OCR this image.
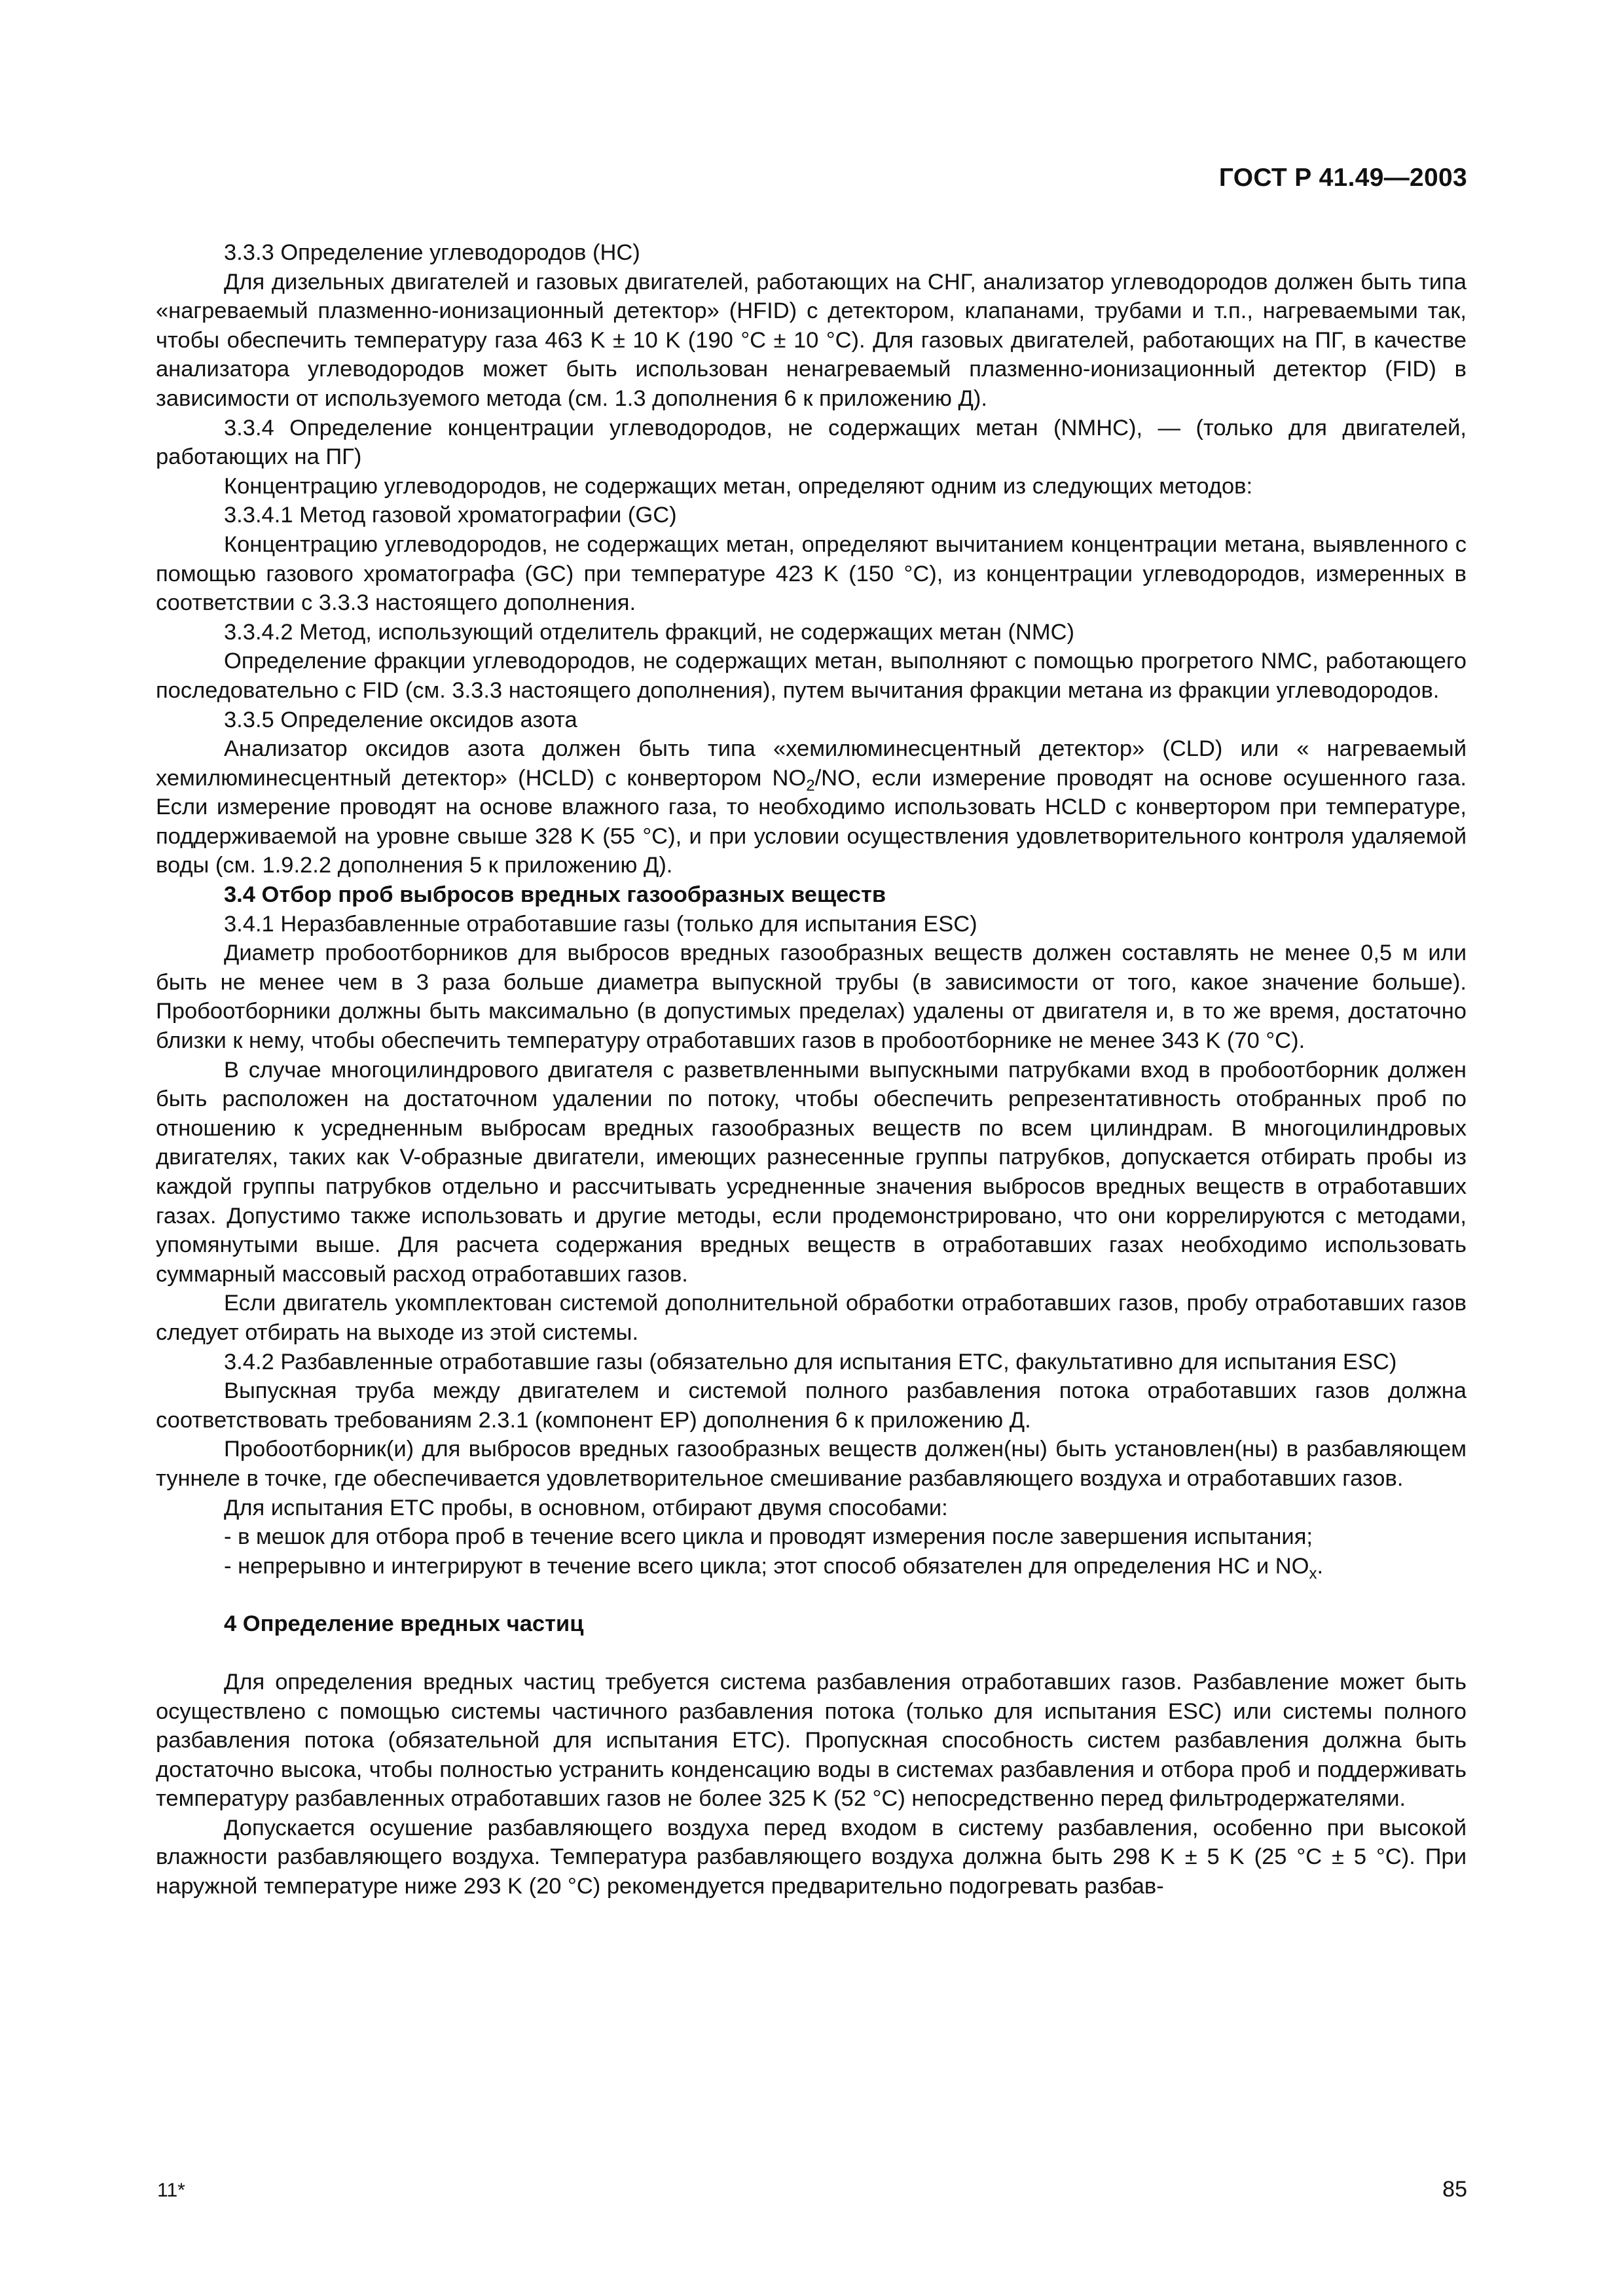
ГОСТ Р 41.49—2003

3.3.3 Определение углеводородов (НС)

Для дизельных двигателей и газовых двигателей, работающих на СНГ, анализатор углеводородов должен быть типа «нагреваемый плазменно-ионизационный детектор» (HFID) с детектором, клапанами, трубами и т.п., нагреваемыми так, чтобы обеспечить температуру газа 463 K ± 10 K (190 °C ± 10 °C). Для газовых двигателей, работающих на ПГ, в качестве анализатора углеводородов может быть использован ненагреваемый плазменно-ионизационный детектор (FID) в зависимости от используемого метода (см. 1.3 дополнения 6 к приложению Д).

3.3.4 Определение концентрации углеводородов, не содержащих метан (NMHC), — (только для двигателей, работающих на ПГ)

Концентрацию углеводородов, не содержащих метан, определяют одним из следующих методов:

3.3.4.1 Метод газовой хроматографии (GC)

Концентрацию углеводородов, не содержащих метан, определяют вычитанием концентрации метана, выявленного с помощью газового хроматографа (GC) при температуре 423 K (150 °C), из концентрации углеводородов, измеренных в соответствии с 3.3.3 настоящего дополнения.

3.3.4.2 Метод, использующий отделитель фракций, не содержащих метан (NMC)

Определение фракции углеводородов, не содержащих метан, выполняют с помощью прогретого NMC, работающего последовательно с FID (см. 3.3.3 настоящего дополнения), путем вычитания фракции метана из фракции углеводородов.

3.3.5 Определение оксидов азота

Анализатор оксидов азота должен быть типа «хемилюминесцентный детектор» (CLD) или « нагреваемый хемилюминесцентный детектор» (HCLD) с конвертором $NO_2/NO$, если измерение проводят на основе осушенного газа. Если измерение проводят на основе влажного газа, то необходимо использовать HCLD с конвертором при температуре, поддерживаемой на уровне свыше 328 K (55 °C), и при условии осуществления удовлетворительного контроля удаляемой воды (см. 1.9.2.2 дополнения 5 к приложению Д).

3.4 Отбор проб выбросов вредных газообразных веществ

3.4.1 Неразбавленные отработавшие газы (только для испытания ESC)

Диаметр пробоотборников для выбросов вредных газообразных веществ должен составлять не менее 0,5 м или быть не менее чем в 3 раза больше диаметра выпускной трубы (в зависимости от того, какое значение больше). Пробоотборники должны быть максимально (в допустимых пределах) удалены от двигателя и, в то же время, достаточно близки к нему, чтобы обеспечить температуру отработавших газов в пробоотборнике не менее 343 K (70 °C).

В случае многоцилиндрового двигателя с разветвленными выпускными патрубками вход в пробоотборник должен быть расположен на достаточном удалении по потоку, чтобы обеспечить репрезентативность отобранных проб по отношению к усредненным выбросам вредных газообразных веществ по всем цилиндрам. В многоцилиндровых двигателях, таких как V-образные двигатели, имеющих разнесенные группы патрубков, допускается отбирать пробы из каждой группы патрубков отдельно и рассчитывать усредненные значения выбросов вредных веществ в отработавших газах. Допустимо также использовать и другие методы, если продемонстрировано, что они коррелируются с методами, упомянутыми выше. Для расчета содержания вредных веществ в отработавших газах необходимо использовать суммарный массовый расход отработавших газов.

Если двигатель укомплектован системой дополнительной обработки отработавших газов, пробу отработавших газов следует отбирать на выходе из этой системы.

3.4.2 Разбавленные отработавшие газы (обязательно для испытания ETC, факультативно для испытания ESC)

Выпускная труба между двигателем и системой полного разбавления потока отработавших газов должна соответствовать требованиям 2.3.1 (компонент EP) дополнения 6 к приложению Д.

Пробоотборник(и) для выбросов вредных газообразных веществ должен(ны) быть установлен(ны) в разбавляющем туннеле в точке, где обеспечивается удовлетворительное смешивание разбавляющего воздуха и отработавших газов.

Для испытания ETC пробы, в основном, отбирают двумя способами:

- в мешок для отбора проб в течение всего цикла и проводят измерения после завершения испытания;

- непрерывно и интегрируют в течение всего цикла; этот способ обязателен для определения НС и $NO_x$.

4 Определение вредных частиц

Для определения вредных частиц требуется система разбавления отработавших газов. Разбавление может быть осуществлено с помощью системы частичного разбавления потока (только для испытания ESC) или системы полного разбавления потока (обязательной для испытания ETC). Пропускная способность систем разбавления должна быть достаточно высока, чтобы полностью устранить конденсацию воды в системах разбавления и отбора проб и поддерживать температуру разбавленных отработавших газов не более 325 K (52 °C) непосредственно перед фильтродержателями.

Допускается осушение разбавляющего воздуха перед входом в систему разбавления, особенно при высокой влажности разбавляющего воздуха. Температура разбавляющего воздуха должна быть 298 K ± 5 K (25 °C ± 5 °C). При наружной температуре ниже 293 K (20 °C) рекомендуется предварительно подогревать разбав-

11*	85
